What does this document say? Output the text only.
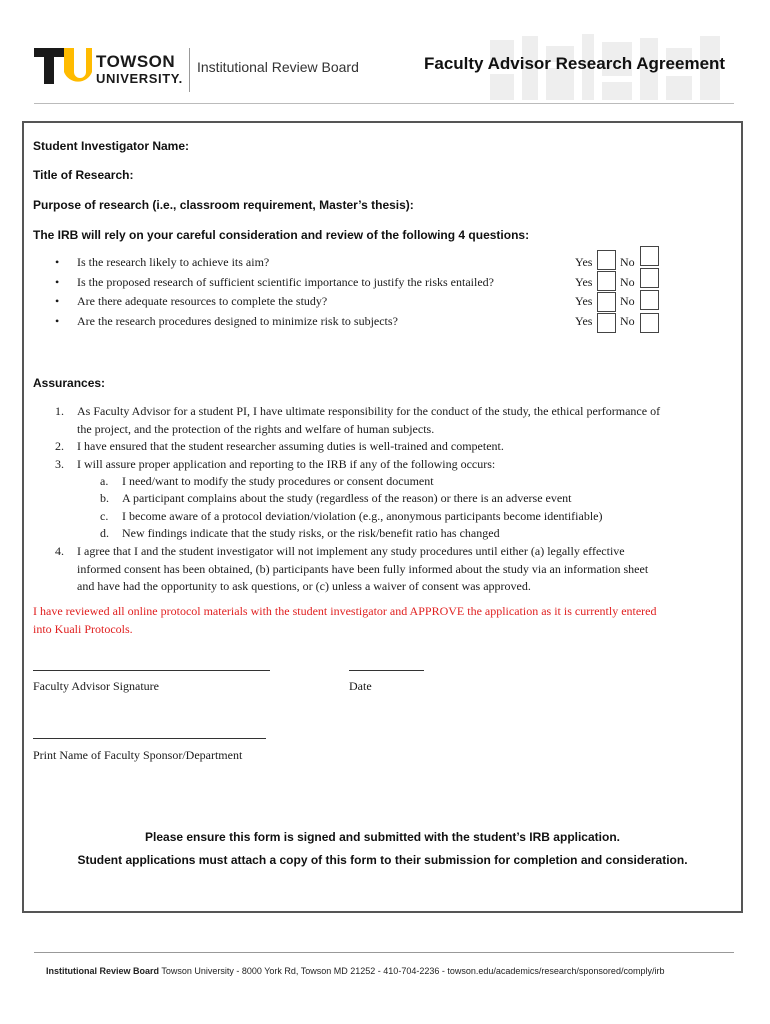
TOWSON
UNIVERSITY.
Institutional Review Board	Faculty Advisor Research Agreement
Student Investigator Name:
Title of Research:
Purpose of research (i.e., classroom requirement, Master’s thesis):
The IRB will rely on your careful consideration and review of the following 4 questions:
• Is the research likely to achieve its aim?	Yes No
• Is the proposed research of sufficient scientific importance to justify the risks entailed?	Yes No
• Are there adequate resources to complete the study?	Yes No
• Are the research procedures designed to minimize risk to subjects?	Yes No
Assurances:
1. As Faculty Advisor for a student PI, I have ultimate responsibility for the conduct of the study, the ethical performance of
the project, and the protection of the rights and welfare of human subjects.
2. I have ensured that the student researcher assuming duties is well-trained and competent.
3. I will assure proper application and reporting to the IRB if any of the following occurs:
a. I need/want to modify the study procedures or consent document
b. A participant complains about the study (regardless of the reason) or there is an adverse event
c. I become aware of a protocol deviation/violation (e.g., anonymous participants become identifiable)
d. New findings indicate that the study risks, or the risk/benefit ratio has changed
4. I agree that I and the student investigator will not implement any study procedures until either (a) legally effective
informed consent has been obtained, (b) participants have been fully informed about the study via an information sheet
and have had the opportunity to ask questions, or (c) unless a waiver of consent was approved.
I have reviewed all online protocol materials with the student investigator and APPROVE the application as it is currently entered
into Kuali Protocols.
Faculty Advisor Signature	Date
Print Name of Faculty Sponsor/Department
Please ensure this form is signed and submitted with the student’s IRB application.
Student applications must attach a copy of this form to their submission for completion and consideration.
Institutional Review Board Towson University - 8000 York Rd, Towson MD 21252 - 410-704-2236 - towson.edu/academics/research/sponsored/comply/irb
